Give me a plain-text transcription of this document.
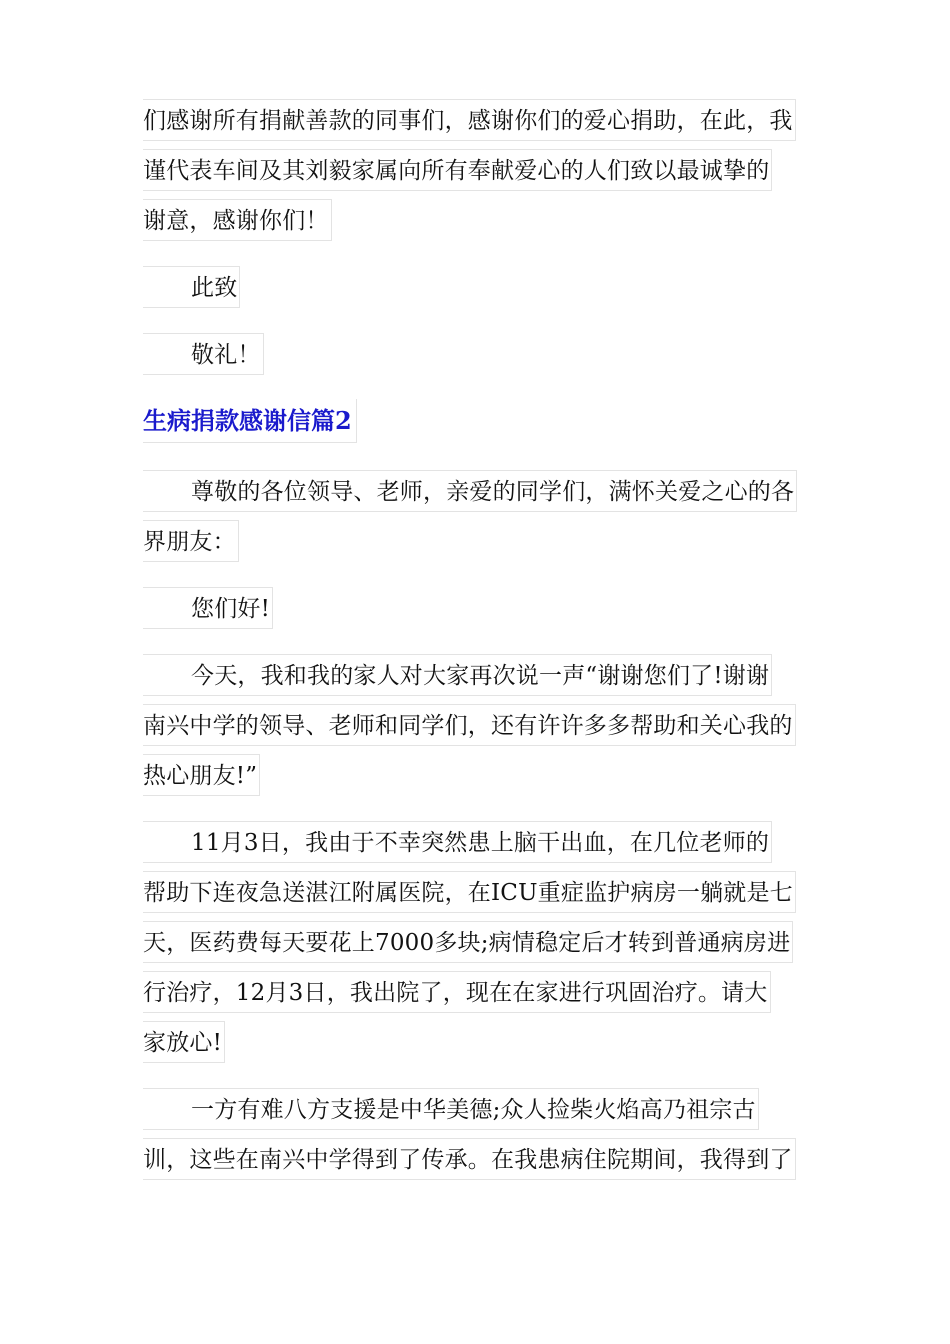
们感谢所有捐献善款的同事们，感谢你们的爱心捐助，在此，我
谨代表车间及其刘毅家属向所有奉献爱心的人们致以最诚挚的
谢意，感谢你们！
此致
敬礼！
生病捐款感谢信篇2
尊敬的各位领导、老师，亲爱的同学们，满怀关爱之心的各
界朋友：
您们好!
今天，我和我的家人对大家再次说一声“谢谢您们了!谢谢
南兴中学的领导、老师和同学们，还有许许多多帮助和关心我的
热心朋友!”
11月3日，我由于不幸突然患上脑干出血，在几位老师的
帮助下连夜急送湛江附属医院，在ICU重症监护病房一躺就是七
天，医药费每天要花上7000多块;病情稳定后才转到普通病房进
行治疗，12月3日，我出院了，现在在家进行巩固治疗。请大
家放心!
一方有难八方支援是中华美德;众人捡柴火焰高乃祖宗古
训，这些在南兴中学得到了传承。在我患病住院期间，我得到了
